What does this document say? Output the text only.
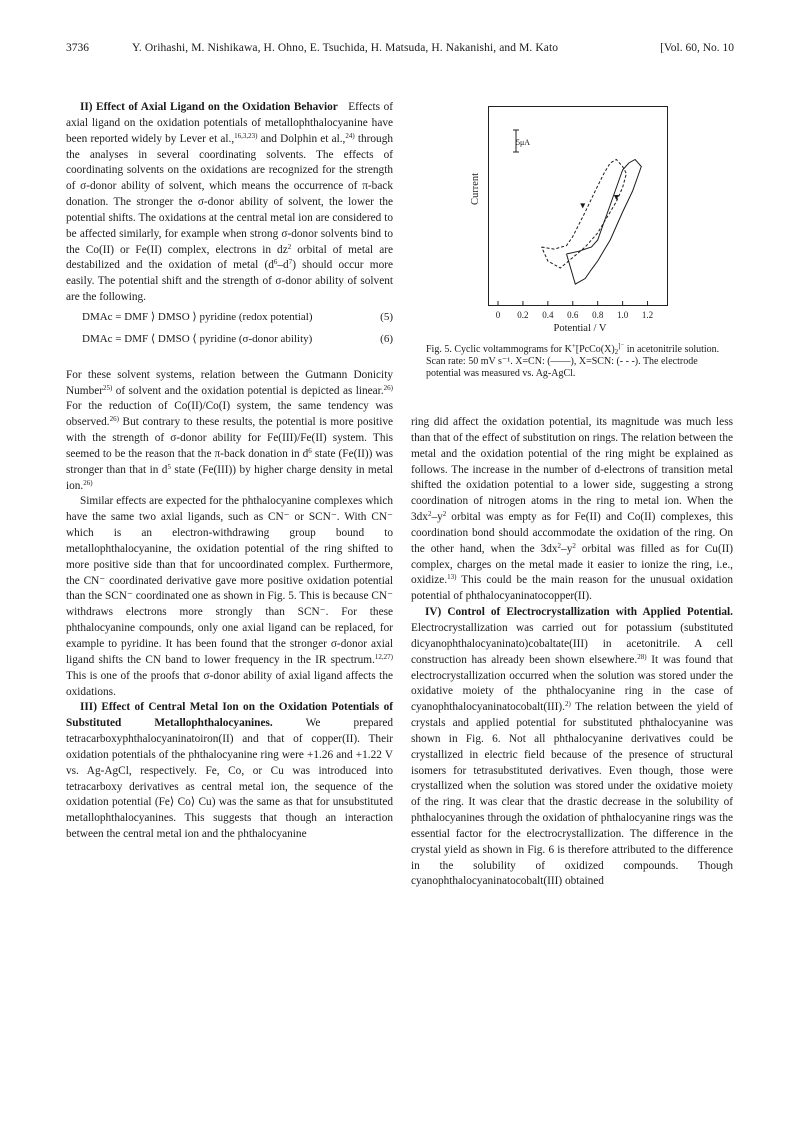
3736	Y. Orihashi, M. Nishikawa, H. Ohno, E. Tsuchida, H. Matsuda, H. Nakanishi, and M. Kato	[Vol. 60, No. 10

II) Effect of Axial Ligand on the Oxidation Behavior Effects of axial ligand on the oxidation potentials of metallophthalocyanine have been reported widely by Lever et al.,$^{16,3,23)}$ and Dolphin et al.,$^{24)}$ through the analyses in several coordinating solvents. The effects of coordinating solvents on the oxidations are recognized for the strength of σ-donor ability of solvent, which means the occurrence of π-back donation. The stronger the σ-donor ability of solvent, the lower the potential shifts. The oxidations at the central metal ion are considered to be affected similarly, for example when strong σ-donor solvents bind to the Co(II) or Fe(II) complex, electrons in $dz^2$ orbital of metal are destabilized and the oxidation of metal $(d^6-d^7)$ should occur more easily. The potential shift and the strength of σ-donor ability of solvent are the following.

DMAc = DMF ⟩ DMSO ⟩ pyridine (redox potential)	(5)
DMAc = DMF ⟨ DMSO ⟨ pyridine (σ-donor ability)	(6)

For these solvent systems, relation between the Gutmann Donicity Number$^{25)}$ of solvent and the oxidation potential is depicted as linear.$^{26)}$ For the reduction of Co(II)/Co(I) system, the same tendency was observed.$^{26)}$ But contrary to these results, the potential is more positive with the strength of σ-donor ability for Fe(III)/Fe(II) system. This seemed to be the reason that the π-back donation in $d^6$ state (Fe(II)) was stronger than that in $d^5$ state (Fe(III)) by higher charge density in metal ion.$^{26)}$

Similar effects are expected for the phthalocyanine complexes which have the same two axial ligands, such as CN⁻ or SCN⁻. With CN⁻ which is an electron-withdrawing group bound to metallophthalocyanine, the oxidation potential of the ring shifted to more positive side than that for uncoordinated complex. Furthermore, the CN⁻ coordinated derivative gave more positive oxidation potential than the SCN⁻ coordinated one as shown in Fig. 5. This is because CN⁻ withdraws electrons more strongly than SCN⁻. For these phthalocyanine compounds, only one axial ligand can be replaced, for example to pyridine. It has been found that the stronger σ-donor axial ligand shifts the CN band to lower frequency in the IR spectrum.$^{12,27)}$ This is one of the proofs that σ-donor ability of axial ligand affects the oxidations.

III) Effect of Central Metal Ion on the Oxidation Potentials of Substituted Metallophthalocyanines. We prepared tetracarboxyphthalocyaninatoiron(II) and that of copper(II). Their oxidation potentials of the phthalocyanine ring were +1.26 and +1.22 V vs. Ag-AgCl, respectively. Fe, Co, or Cu was introduced into tetracarboxy derivatives as central metal ion, the sequence of the oxidation potential (Fe⟩ Co⟩ Cu) was the same as that for unsubstituted metallophthalocyanines. This suggests that though an interaction between the central metal ion and the phthalocyanine

5μA
Current
0 0.2 0.4 0.6 0.8 1.0 1.2
Potential / V
Fig. 5. Cyclic voltammograms for $K^+[PcCo(X)_2^{]^-}$ in acetonitrile solution. Scan rate: 50 mV s⁻¹. X=CN: (——), X=SCN: (- - -). The electrode potential was measured vs. Ag-AgCl.

ring did affect the oxidation potential, its magnitude was much less than that of the effect of substitution on rings. The relation between the metal and the oxidation potential of the ring might be explained as follows. The increase in the number of d-electrons of transition metal shifted the oxidation potential to a lower side, suggesting a strong coordination of nitrogen atoms in the ring to metal ion. When the $3dx^2-y^2$ orbital was empty as for Fe(II) and Co(II) complexes, this coordination bond should accommodate the oxidation of the ring. On the other hand, when the $3dx^2-y^2$ orbital was filled as for Cu(II) complex, charges on the metal made it easier to ionize the ring, i.e., oxidize.$^{13)}$ This could be the main reason for the unusual oxidation potential of phthalocyaninatocopper(II).

IV) Control of Electrocrystallization with Applied Potential. Electrocrystallization was carried out for potassium (substituted dicyanophthalocyaninato)cobaltate(III) in acetonitrile. A cell construction has already been shown elsewhere.$^{28)}$ It was found that electrocrystallization occurred when the solution was stored under the oxidative moiety of the phthalocyanine ring in the case of cyanophthalocyaninatocobalt(III).$^{2)}$ The relation between the yield of crystals and applied potential for substituted phthalocyanine was shown in Fig. 6. Not all phthalocyanine derivatives could be crystallized in electric field because of the presence of structural isomers for tetrasubstituted derivatives. Even though, those were crystallized when the solution was stored under the oxidative moiety of the ring. It was clear that the drastic decrease in the solubility of phthalocyanines through the oxidation of phthalocyanine rings was the essential factor for the electrocrystallization. The difference in the crystal yield as shown in Fig. 6 is therefore attributed to the difference in the solubility of oxidized compounds. Though cyanophthalocyaninatocobalt(III) obtained
